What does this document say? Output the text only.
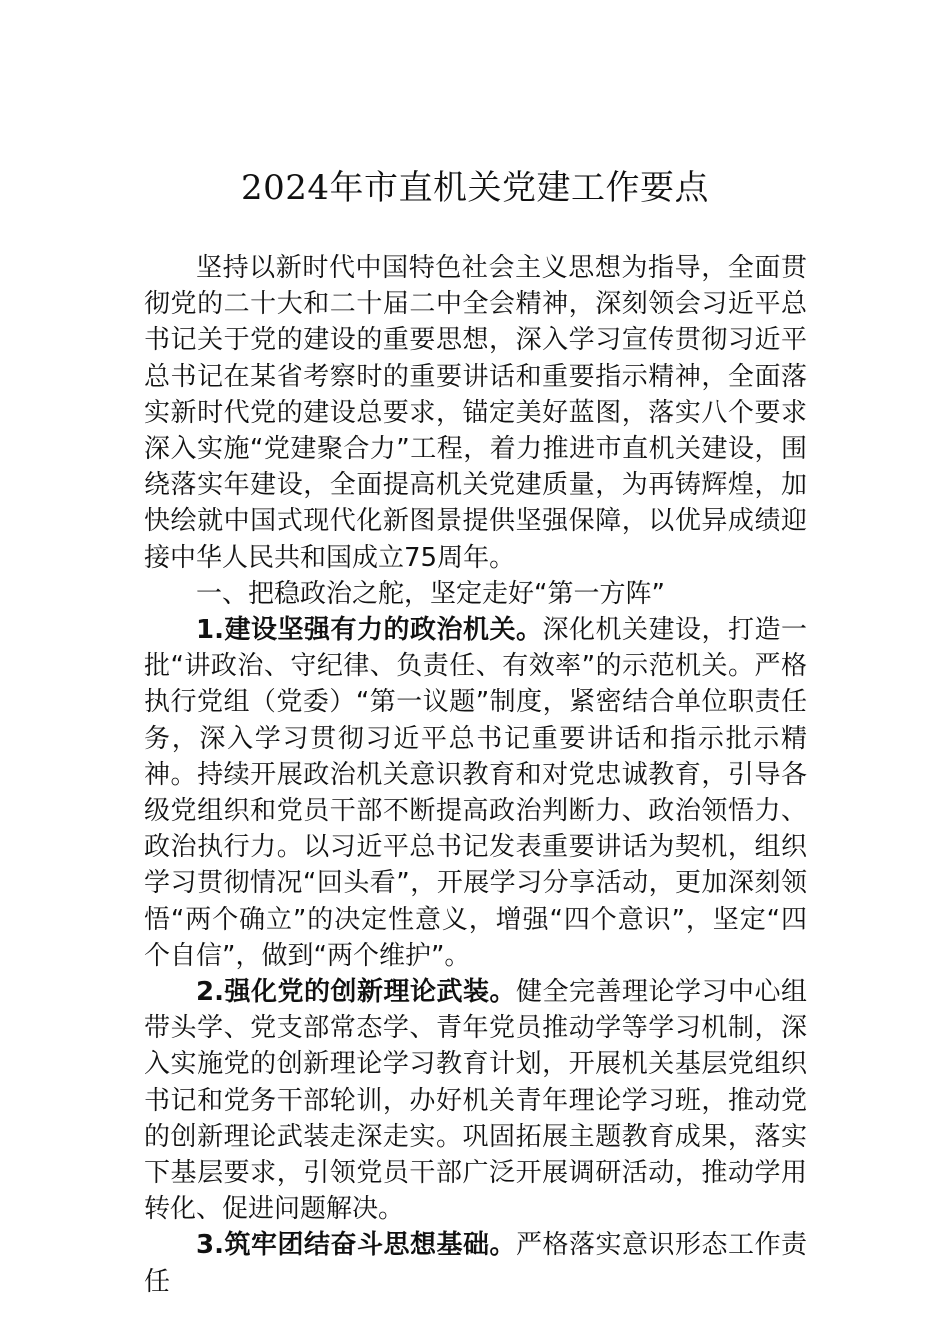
2024年市直机关党建工作要点

坚持以新时代中国特色社会主义思想为指导，全面贯彻党的二十大和二十届二中全会精神，深刻领会习近平总书记关于党的建设的重要思想，深入学习宣传贯彻习近平总书记在某省考察时的重要讲话和重要指示精神，全面落实新时代党的建设总要求，锚定美好蓝图，落实八个要求深入实施“党建聚合力”工程，着力推进市直机关建设，围绕落实年建设，全面提高机关党建质量，为再铸辉煌，加快绘就中国式现代化新图景提供坚强保障，以优异成绩迎接中华人民共和国成立75周年。

一、把稳政治之舵，坚定走好“第一方阵”

1.建设坚强有力的政治机关。深化机关建设，打造一批“讲政治、守纪律、负责任、有效率”的示范机关。严格执行党组（党委）“第一议题”制度，紧密结合单位职责任务，深入学习贯彻习近平总书记重要讲话和指示批示精神。持续开展政治机关意识教育和对党忠诚教育，引导各级党组织和党员干部不断提高政治判断力、政治领悟力、政治执行力。以习近平总书记发表重要讲话为契机，组织学习贯彻情况“回头看”，开展学习分享活动，更加深刻领悟“两个确立”的决定性意义，增强“四个意识”，坚定“四个自信”，做到“两个维护”。

2.强化党的创新理论武装。健全完善理论学习中心组带头学、党支部常态学、青年党员推动学等学习机制，深入实施党的创新理论学习教育计划，开展机关基层党组织书记和党务干部轮训，办好机关青年理论学习班，推动党的创新理论武装走深走实。巩固拓展主题教育成果，落实下基层要求，引领党员干部广泛开展调研活动，推动学用转化、促进问题解决。

3.筑牢团结奋斗思想基础。严格落实意识形态工作责任
